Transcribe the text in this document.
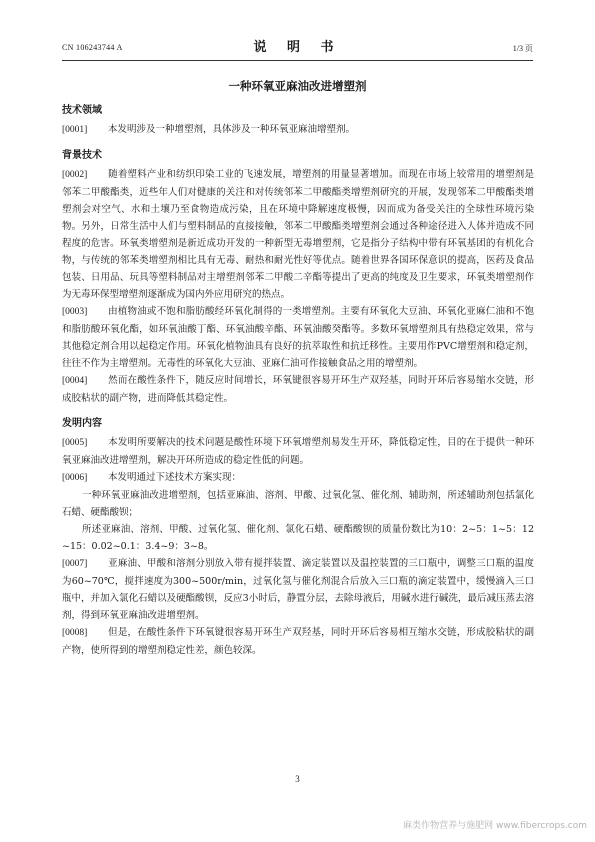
CN 106243744 A	说 明 书	1/3 页
一种环氧亚麻油改进增塑剂
技术领域

[0001] 本发明涉及一种增塑剂，具体涉及一种环氧亚麻油增塑剂。

背景技术

[0002] 随着塑料产业和纺织印染工业的飞速发展，增塑剂的用量显著增加。而现在市场上较常用的增塑剂是邻苯二甲酸酯类，近些年人们对健康的关注和对传统邻苯二甲酸酯类增塑剂研究的开展，发现邻苯二甲酸酯类增塑剂会对空气、水和土壤乃至食物造成污染，且在环境中降解速度极慢，因而成为备受关注的全球性环境污染物。另外，日常生活中人们与塑料制品的直接接触，邻苯二甲酸酯类增塑剂会通过各种途径进入人体并造成不同程度的危害。环氧类增塑剂是新近成功开发的一种新型无毒增塑剂，它是指分子结构中带有环氧基团的有机化合物，与传统的邻苯类增塑剂相比具有无毒、耐热和耐光性好等优点。随着世界各国环保意识的提高，医药及食品包装、日用品、玩具等塑料制品对主增塑剂邻苯二甲酸二辛酯等提出了更高的纯度及卫生要求，环氧类增塑剂作为无毒环保型增塑剂逐渐成为国内外应用研究的热点。

[0003] 由植物油或不饱和脂肪酸经环氧化制得的一类增塑剂。主要有环氧化大豆油、环氧化亚麻仁油和不饱和脂肪酸环氧化酯，如环氧油酸丁酯、环氧油酸辛酯、环氧油酸癸酯等。多数环氧增塑剂具有热稳定效果，常与其他稳定剂合用以起稳定作用。环氧化植物油具有良好的抗萃取性和抗迁移性。主要用作PVC增塑剂和稳定剂，往往不作为主增塑剂。无毒性的环氧化大豆油、亚麻仁油可作接触食品之用的增塑剂。

[0004] 然而在酸性条件下，随反应时间增长，环氧键很容易开环生产双羟基，同时开环后容易缩水交链，形成胶粘状的副产物，进而降低其稳定性。

发明内容

[0005] 本发明所要解决的技术问题是酸性环境下环氧增塑剂易发生开环，降低稳定性，目的在于提供一种环氧亚麻油改进增塑剂，解决开环所造成的稳定性低的问题。

[0006] 本发明通过下述技术方案实现：

一种环氧亚麻油改进增塑剂，包括亚麻油、溶剂、甲酸、过氧化氢、催化剂、辅助剂，所述辅助剂包括氯化石蜡、硬酯酸钡；

所述亚麻油、溶剂、甲酸、过氧化氢、催化剂、氯化石蜡、硬酯酸钡的质量份数比为10：2~5：1~5：12~15：0.02~0.1：3.4~9：3~8。

[0007] 亚麻油、甲酸和溶剂分别放入带有搅拌装置、滴定装置以及温控装置的三口瓶中，调整三口瓶的温度为60~70℃，搅拌速度为300~500r/min，过氧化氢与催化剂混合后放入三口瓶的滴定装置中，缓慢滴入三口瓶中，并加入氯化石蜡以及硬酯酸钡，反应3小时后，静置分层，去除母液后，用碱水进行碱洗，最后减压蒸去溶剂，得到环氧亚麻油改进增塑剂。

[0008] 但是，在酸性条件下环氧键很容易开环生产双羟基，同时开环后容易相互缩水交链，形成胶粘状的副产物，使所得到的增塑剂稳定性差，颜色较深。

3
麻类作物营养与施肥网 www.fibercrops.com
